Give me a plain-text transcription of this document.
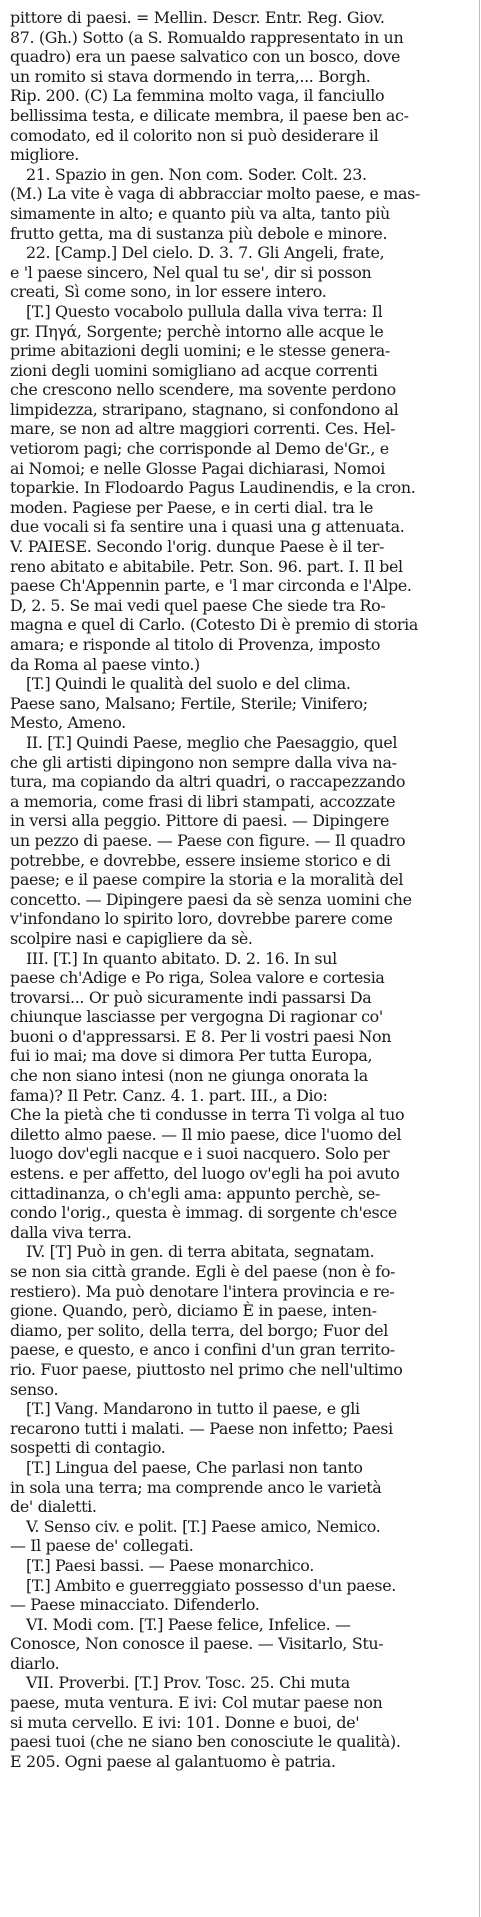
pittore di paesi. = Mellin. Descr. Entr. Reg. Giov.
87. (Gh.) Sotto (a S. Romualdo rappresentato in un
quadro) era un paese salvatico con un bosco, dove
un romito si stava dormendo in terra,... Borgh.
Rip. 200. (C) La femmina molto vaga, il fanciullo
bellissima testa, e dilicate membra, il paese ben ac-
comodato, ed il colorito non si può desiderare il
migliore.
21. Spazio in gen. Non com. Soder. Colt. 23.
(M.) La vite è vaga di abbracciar molto paese, e mas-
simamente in alto; e quanto più va alta, tanto più
frutto getta, ma di sustanza più debole e minore.
22. [Camp.] Del cielo. D. 3. 7. Gli Angeli, frate,
e 'l paese sincero, Nel qual tu se', dir si posson
creati, Sì come sono, in lor essere intero.
[T.] Questo vocabolo pullula dalla viva terra: Il
gr. Πηγά, Sorgente; perchè intorno alle acque le
prime abitazioni degli uomini; e le stesse genera-
zioni degli uomini somigliano ad acque correnti
che crescono nello scendere, ma sovente perdono
limpidezza, straripano, stagnano, si confondono al
mare, se non ad altre maggiori correnti. Ces. Hel-
vetiorom pagi; che corrisponde al Demo de'Gr., e
ai Nomoi; e nelle Glosse Pagai dichiarasi, Nomoi
toparkie. In Flodoardo Pagus Laudinendis, e la cron.
moden. Pagiese per Paese, e in certi dial. tra le
due vocali si fa sentire una i quasi una g attenuata.
V. PAIESE. Secondo l'orig. dunque Paese è il ter-
reno abitato e abitabile. Petr. Son. 96. part. I. Il bel
paese Ch'Appennin parte, e 'l mar circonda e l'Alpe.
D, 2. 5. Se mai vedi quel paese Che siede tra Ro-
magna e quel di Carlo. (Cotesto Di è premio di storia
amara; e risponde al titolo di Provenza, imposto
da Roma al paese vinto.)
[T.] Quindi le qualità del suolo e del clima.
Paese sano, Malsano; Fertile, Sterile; Vinifero;
Mesto, Ameno.
II. [T.] Quindi Paese, meglio che Paesaggio, quel
che gli artisti dipingono non sempre dalla viva na-
tura, ma copiando da altri quadri, o raccapezzando
a memoria, come frasi di libri stampati, accozzate
in versi alla peggio. Pittore di paesi. — Dipingere
un pezzo di paese. — Paese con figure. — Il quadro
potrebbe, e dovrebbe, essere insieme storico e di
paese; e il paese compire la storia e la moralità del
concetto. — Dipingere paesi da sè senza uomini che
v'infondano lo spirito loro, dovrebbe parere come
scolpire nasi e capigliere da sè.
III. [T.] In quanto abitato. D. 2. 16. In sul
paese ch'Adige e Po riga, Solea valore e cortesia
trovarsi... Or può sicuramente indi passarsi Da
chiunque lasciasse per vergogna Di ragionar co'
buoni o d'appressarsi. E 8. Per li vostri paesi Non
fui io mai; ma dove si dimora Per tutta Europa,
che non siano intesi (non ne giunga onorata la
fama)? Il Petr. Canz. 4. 1. part. III., a Dio:
Che la pietà che ti condusse in terra Ti volga al tuo
diletto almo paese. — Il mio paese, dice l'uomo del
luogo dov'egli nacque e i suoi nacquero. Solo per
estens. e per affetto, del luogo ov'egli ha poi avuto
cittadinanza, o ch'egli ama: appunto perchè, se-
condo l'orig., questa è immag. di sorgente ch'esce
dalla viva terra.
IV. [T] Può in gen. di terra abitata, segnatam.
se non sia città grande. Egli è del paese (non è fo-
restiero). Ma può denotare l'intera provincia e re-
gione. Quando, però, diciamo È in paese, inten-
diamo, per solito, della terra, del borgo; Fuor del
paese, e questo, e anco i confini d'un gran territo-
rio. Fuor paese, piuttosto nel primo che nell'ultimo
senso.
[T.] Vang. Mandarono in tutto il paese, e gli
recarono tutti i malati. — Paese non infetto; Paesi
sospetti di contagio.
[T.] Lingua del paese, Che parlasi non tanto
in sola una terra; ma comprende anco le varietà
de' dialetti.
V. Senso civ. e polit. [T.] Paese amico, Nemico.
— Il paese de' collegati.
[T.] Paesi bassi. — Paese monarchico.
[T.] Ambito e guerreggiato possesso d'un paese.
— Paese minacciato. Difenderlo.
VI. Modi com. [T.] Paese felice, Infelice. —
Conosce, Non conosce il paese. — Visitarlo, Stu-
diarlo.
VII. Proverbi. [T.] Prov. Tosc. 25. Chi muta
paese, muta ventura. E ivi: Col mutar paese non
si muta cervello. E ivi: 101. Donne e buoi, de'
paesi tuoi (che ne siano ben conosciute le qualità).
E 205. Ogni paese al galantuomo è patria.
